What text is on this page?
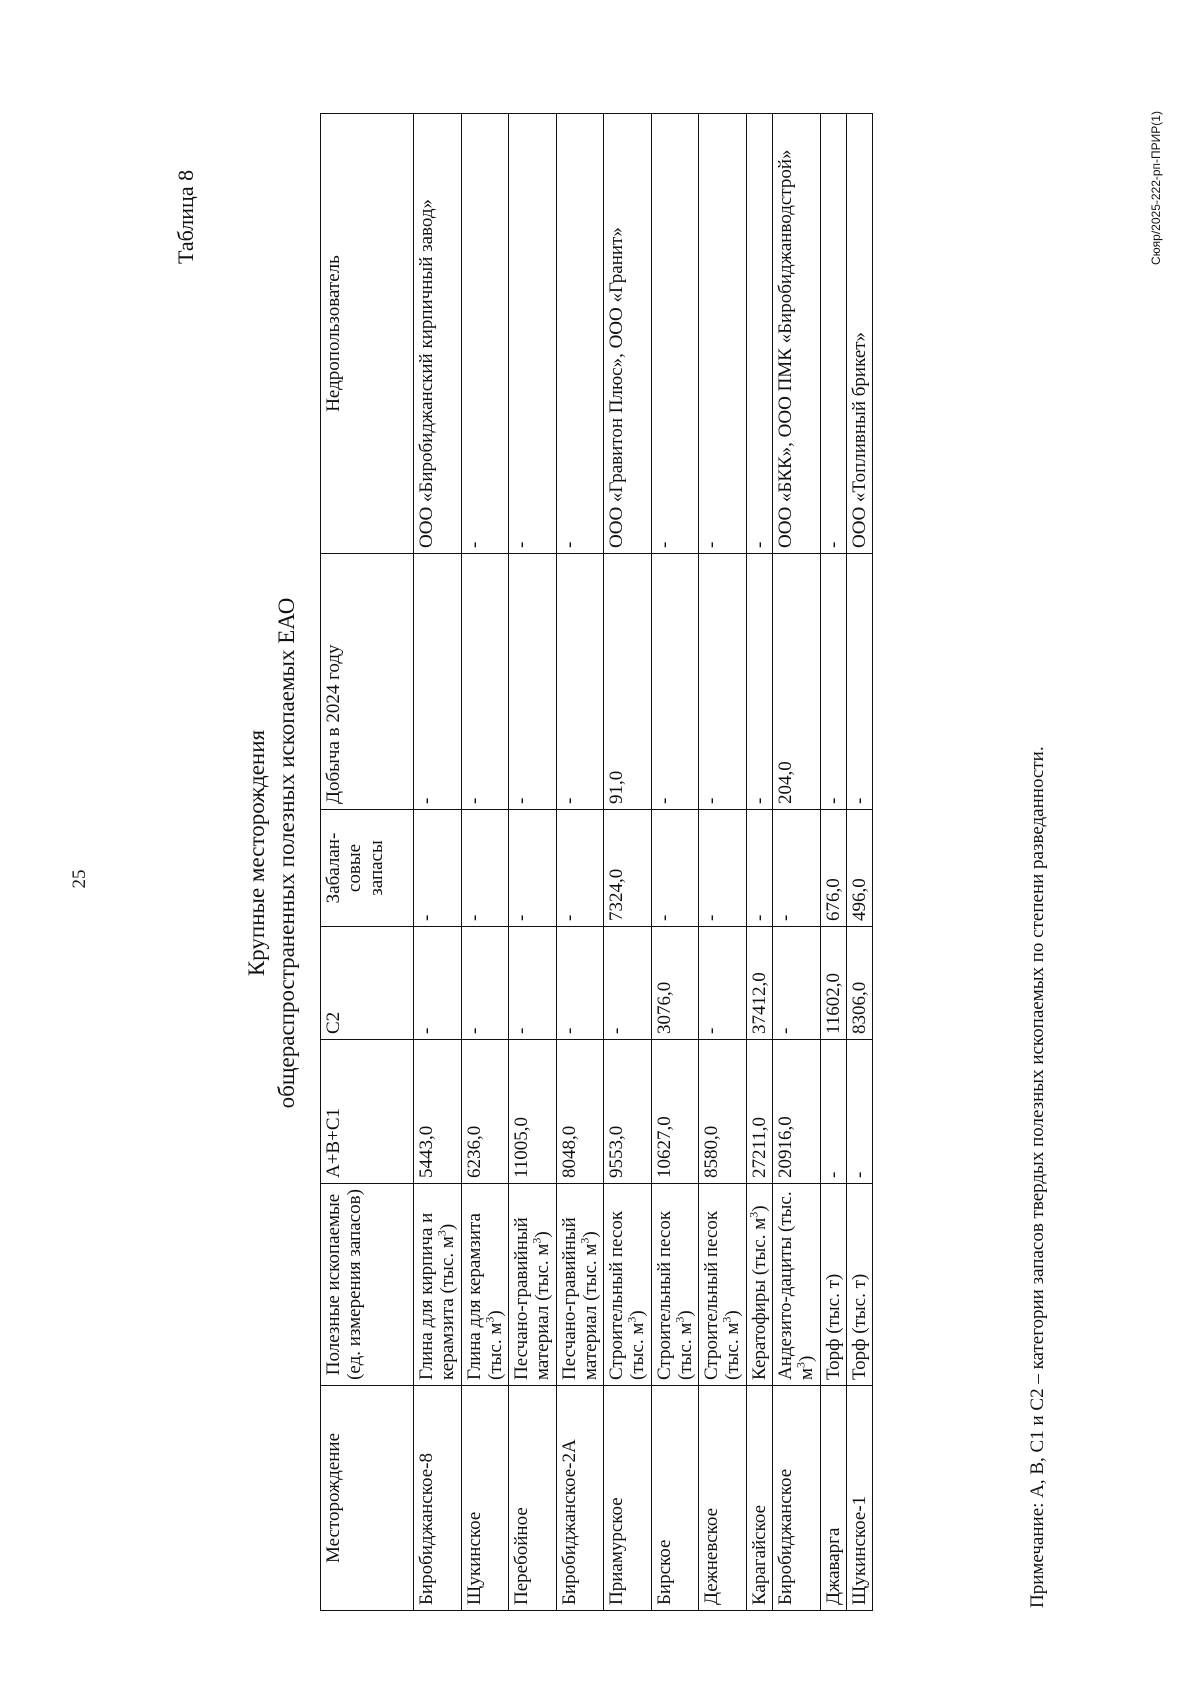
25
Таблица 8
Крупные месторождения общераспространенных полезных ископаемых ЕАО
Месторождение	Полезные ископаемые (ед. измерения запасов)	А+В+С1	С2	Забалан-совые запасы	Добыча в 2024 году	Недропользователь
Биробиджанское-8	Глина для кирпича и керамзита (тыс. $м^3$)	5443,0	-	-	-	ООО «Биробиджанский кирпичный завод»
Щукинское	Глина для керамзита (тыс. $м^3$)	6236,0	-	-	-	-
Перебойное	Песчано-гравийный материал (тыс. $м^3$)	11005,0	-	-	-	-
Биробиджанское-2А	Песчано-гравийный материал (тыс. $м^3$)	8048,0	-	-	-	-
Приамурское	Строительный песок (тыс. $м^3$)	9553,0	-	7324,0	91,0	ООО «Гравитон Плюс», ООО «Гранит»
Бирское	Строительный песок (тыс. $м^3$)	10627,0	3076,0	-	-	-
Дежневское	Строительный песок (тыс. $м^3$)	8580,0	-	-	-	-
Карагайское	Кератофиры (тыс. $м^3$)	27211,0	37412,0	-	-	-
Биробиджанское	Андезито-дациты (тыс. $м^3$)	20916,0	-	-	204,0	ООО «БКК», ООО ПМК «Биробиджанводстрой»
Джаварга	Торф (тыс. т)	-	11602,0	676,0	-	-
Щукинское-1	Торф (тыс. т)	-	8306,0	496,0	-	ООО «Топливный брикет»
Примечание: А, В, С1 и С2 – категории запасов твердых полезных ископаемых по степени разведанности.
Сюяр/2025-222-рп-ПРИР(1)
